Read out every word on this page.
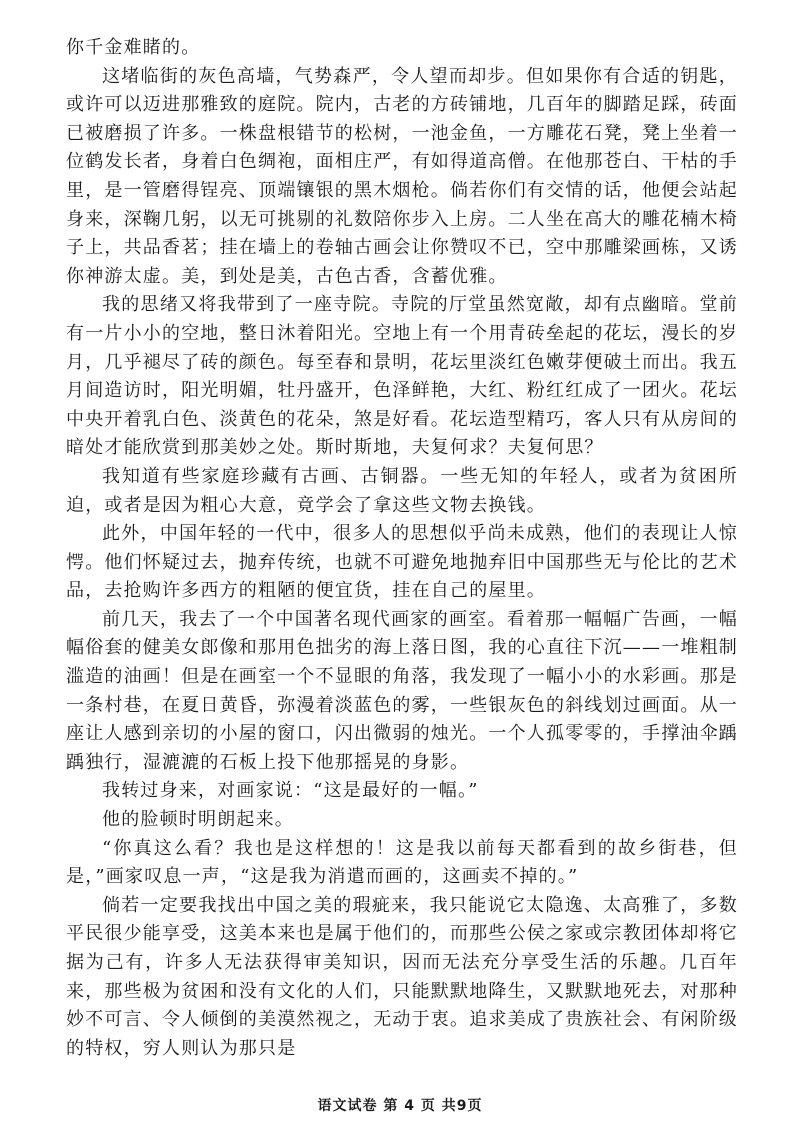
你千金难睹的。

这堵临街的灰色高墙，气势森严，令人望而却步。但如果你有合适的钥匙，或许可以迈进那雅致的庭院。院内，古老的方砖铺地，几百年的脚踏足踩，砖面已被磨损了许多。一株盘根错节的松树，一池金鱼，一方雕花石凳，凳上坐着一位鹤发长者，身着白色绸袍，面相庄严，有如得道高僧。在他那苍白、干枯的手里，是一管磨得锃亮、顶端镶银的黑木烟枪。倘若你们有交情的话，他便会站起身来，深鞠几躬，以无可挑剔的礼数陪你步入上房。二人坐在高大的雕花楠木椅子上，共品香茗；挂在墙上的卷轴古画会让你赞叹不已，空中那雕梁画栋，又诱你神游太虚。美，到处是美，古色古香，含蓄优雅。

我的思绪又将我带到了一座寺院。寺院的厅堂虽然宽敞，却有点幽暗。堂前有一片小小的空地，整日沐着阳光。空地上有一个用青砖垒起的花坛，漫长的岁月，几乎褪尽了砖的颜色。每至春和景明，花坛里淡红色嫩芽便破土而出。我五月间造访时，阳光明媚，牡丹盛开，色泽鲜艳，大红、粉红红成了一团火。花坛中央开着乳白色、淡黄色的花朵，煞是好看。花坛造型精巧，客人只有从房间的暗处才能欣赏到那美妙之处。斯时斯地，夫复何求？夫复何思？

我知道有些家庭珍藏有古画、古铜器。一些无知的年轻人，或者为贫困所迫，或者是因为粗心大意，竟学会了拿这些文物去换钱。

此外，中国年轻的一代中，很多人的思想似乎尚未成熟，他们的表现让人惊愕。他们怀疑过去，抛弃传统，也就不可避免地抛弃旧中国那些无与伦比的艺术品，去抢购许多西方的粗陋的便宜货，挂在自己的屋里。

前几天，我去了一个中国著名现代画家的画室。看着那一幅幅广告画，一幅幅俗套的健美女郎像和那用色拙劣的海上落日图，我的心直往下沉——一堆粗制滥造的油画！但是在画室一个不显眼的角落，我发现了一幅小小的水彩画。那是一条村巷，在夏日黄昏，弥漫着淡蓝色的雾，一些银灰色的斜线划过画面。从一座让人感到亲切的小屋的窗口，闪出微弱的烛光。一个人孤零零的，手撑油伞踽踽独行，湿漉漉的石板上投下他那摇晃的身影。

我转过身来，对画家说：“这是最好的一幅。”

他的脸顿时明朗起来。

“你真这么看？我也是这样想的！这是我以前每天都看到的故乡街巷，但是，”画家叹息一声，“这是我为消遣而画的，这画卖不掉的。”

倘若一定要我找出中国之美的瑕疵来，我只能说它太隐逸、太高雅了，多数平民很少能享受，这美本来也是属于他们的，而那些公侯之家或宗教团体却将它据为己有，许多人无法获得审美知识，因而无法充分享受生活的乐趣。几百年来，那些极为贫困和没有文化的人们，只能默默地降生，又默默地死去，对那种妙不可言、令人倾倒的美漠然视之，无动于衷。追求美成了贵族社会、有闲阶级的特权，穷人则认为那只是

语文试卷 第 4 页 共9页
